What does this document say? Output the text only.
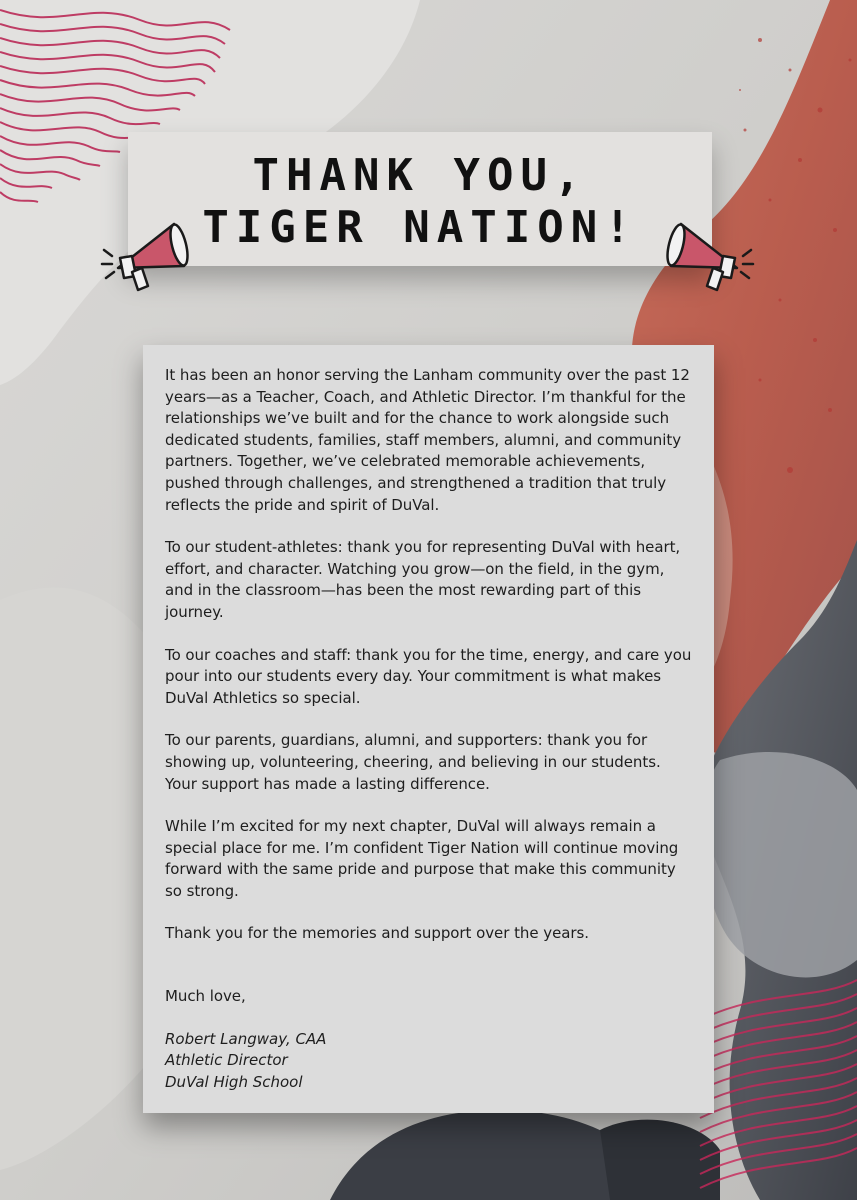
THANK YOU,
TIGER NATION!

It has been an honor serving the Lanham community over the past 12 years—as a Teacher, Coach, and Athletic Director. I’m thankful for the relationships we’ve built and for the chance to work alongside such dedicated students, families, staff members, alumni, and community partners. Together, we’ve celebrated memorable achievements, pushed through challenges, and strengthened a tradition that truly reflects the pride and spirit of DuVal.

To our student-athletes: thank you for representing DuVal with heart, effort, and character. Watching you grow—on the field, in the gym, and in the classroom—has been the most rewarding part of this journey.

To our coaches and staff: thank you for the time, energy, and care you pour into our students every day. Your commitment is what makes DuVal Athletics so special.

To our parents, guardians, alumni, and supporters: thank you for showing up, volunteering, cheering, and believing in our students. Your support has made a lasting difference.

While I’m excited for my next chapter, DuVal will always remain a special place for me. I’m confident Tiger Nation will continue moving forward with the same pride and purpose that make this community so strong.

Thank you for the memories and support over the years.

Much love,

Robert Langway, CAA

Athletic Director

DuVal High School
